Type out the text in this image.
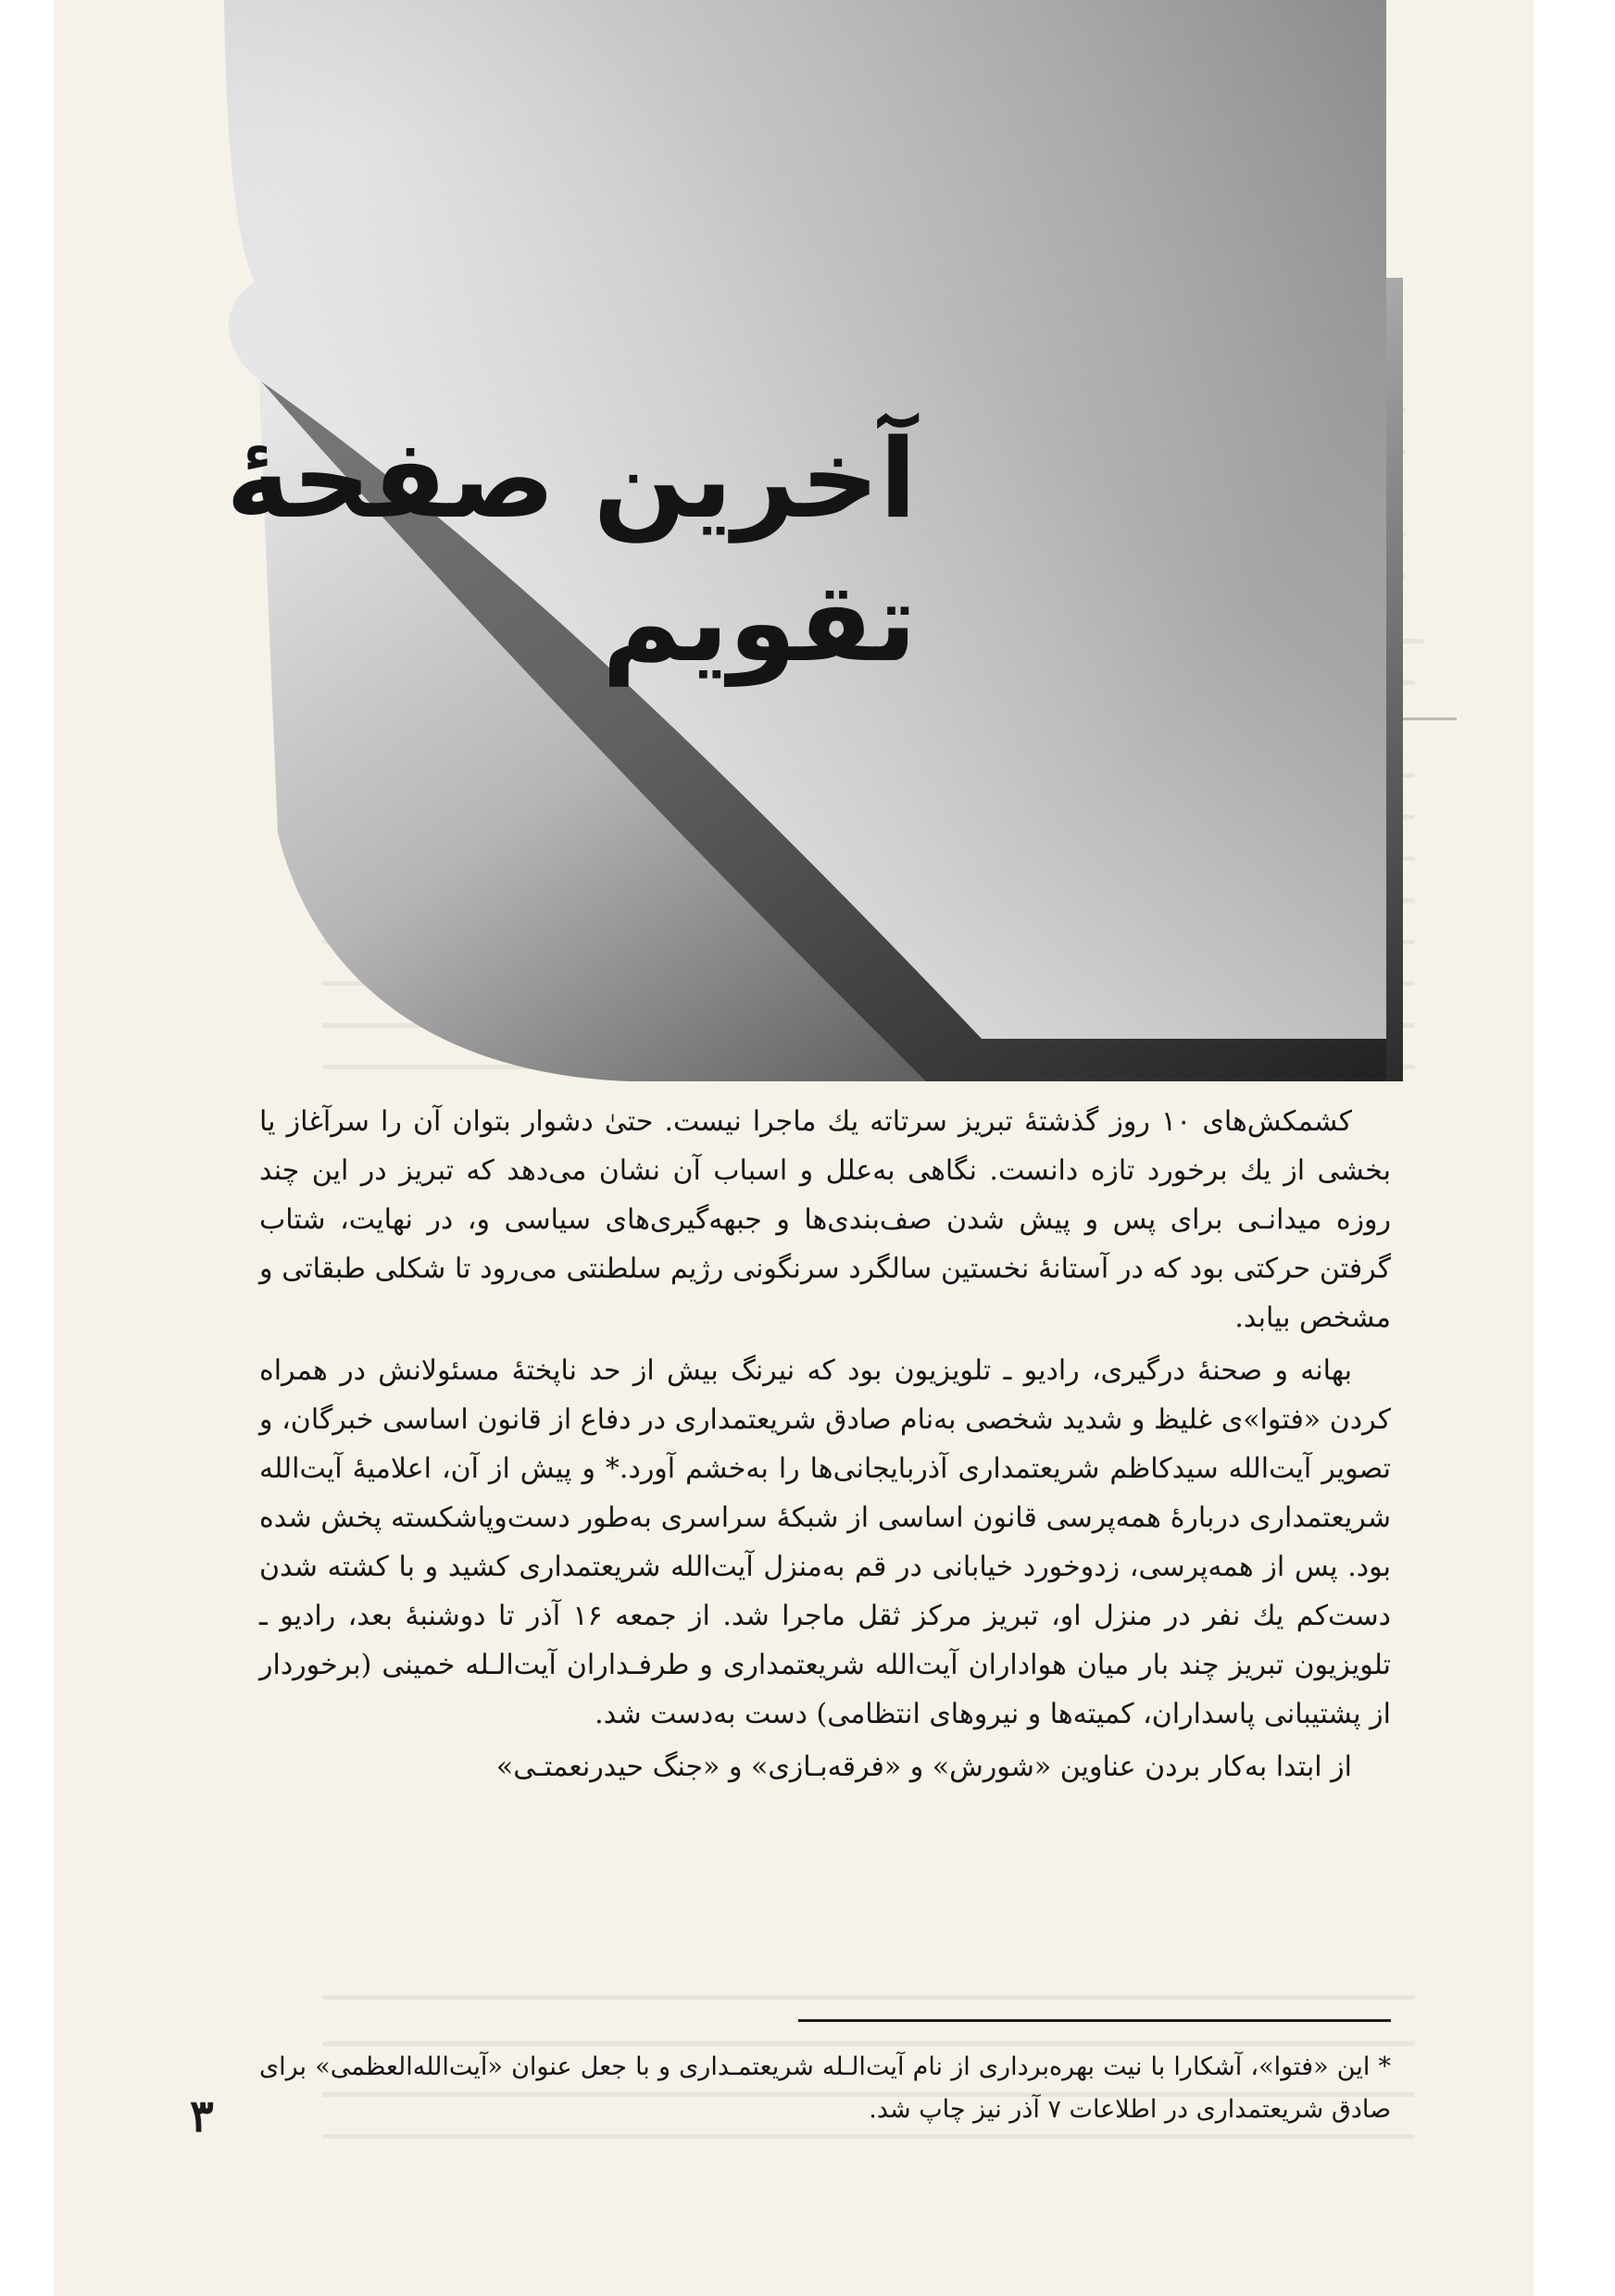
آخرین صفحهٔ
تقویم

کشمکش‌های ۱۰ روز گذشتهٔ تبریز سرتاته یك ماجرا نیست. حتیٰ دشوار بتوان آن را سرآغاز یا بخشی از یك برخورد تازه دانست. نگاهی به‌علل و اسباب آن نشان می‌دهد که تبریز در این چند روزه میدانـی برای پس و پیش شدن صف‌بندی‌ها و جبهه‌گیری‌های سیاسی و، در نهایت، شتاب گرفتن حرکتی بود که در آستانهٔ نخستین سالگرد سرنگونی رژیم سلطنتی می‌رود تا شکلی طبقاتی و مشخص بیابد.

بهانه و صحنهٔ درگیری، رادیو ـ تلویزیون بود که نیرنگ بیش از حد ناپختهٔ مسئولانش در همراه کردن «فتوا»ی غلیظ و شدید شخصی به‌نام صادق شریعتمداری در دفاع از قانون اساسی خبرگان، و تصویر آیت‌الله سیدکاظم شریعتمداری آذربایجانی‌ها را به‌خشم آورد.* و پیش از آن، اعلامیهٔ آیت‌الله شریعتمداری دربارهٔ همه‌پرسی قانون اساسی از شبکهٔ سراسری به‌طور دست‌وپاشکسته پخش شده بود. پس از همه‌پرسی، زدوخورد خیابانی در قم به‌منزل آیت‌الله شریعتمداری کشید و با کشته شدن دست‌کم یك نفر در منزل او، تبریز مرکز ثقل ماجرا شد. از جمعه ۱۶ آذر تا دوشنبهٔ بعد، رادیو ـ تلویزیون تبریز چند بار میان هواداران آیت‌الله شریعتمداری و طرفـداران آیت‌الـله خمینی (برخوردار از پشتیبانی پاسداران، کمیته‌ها و نیروهای انتظامی) دست به‌دست شد.

از ابتدا به‌کار بردن عناوین «شورش» و «فرقه‌بـازی» و «جنگ حیدرنعمتـی»

* این «فتوا»، آشکارا با نیت بهره‌برداری از نام آیت‌الـله شریعتمـداری و با جعل عنوان «آیت‌الله‌العظمی» برای صادق شریعتمداری در اطلاعات ۷ آذر نیز چاپ شد.

۳
